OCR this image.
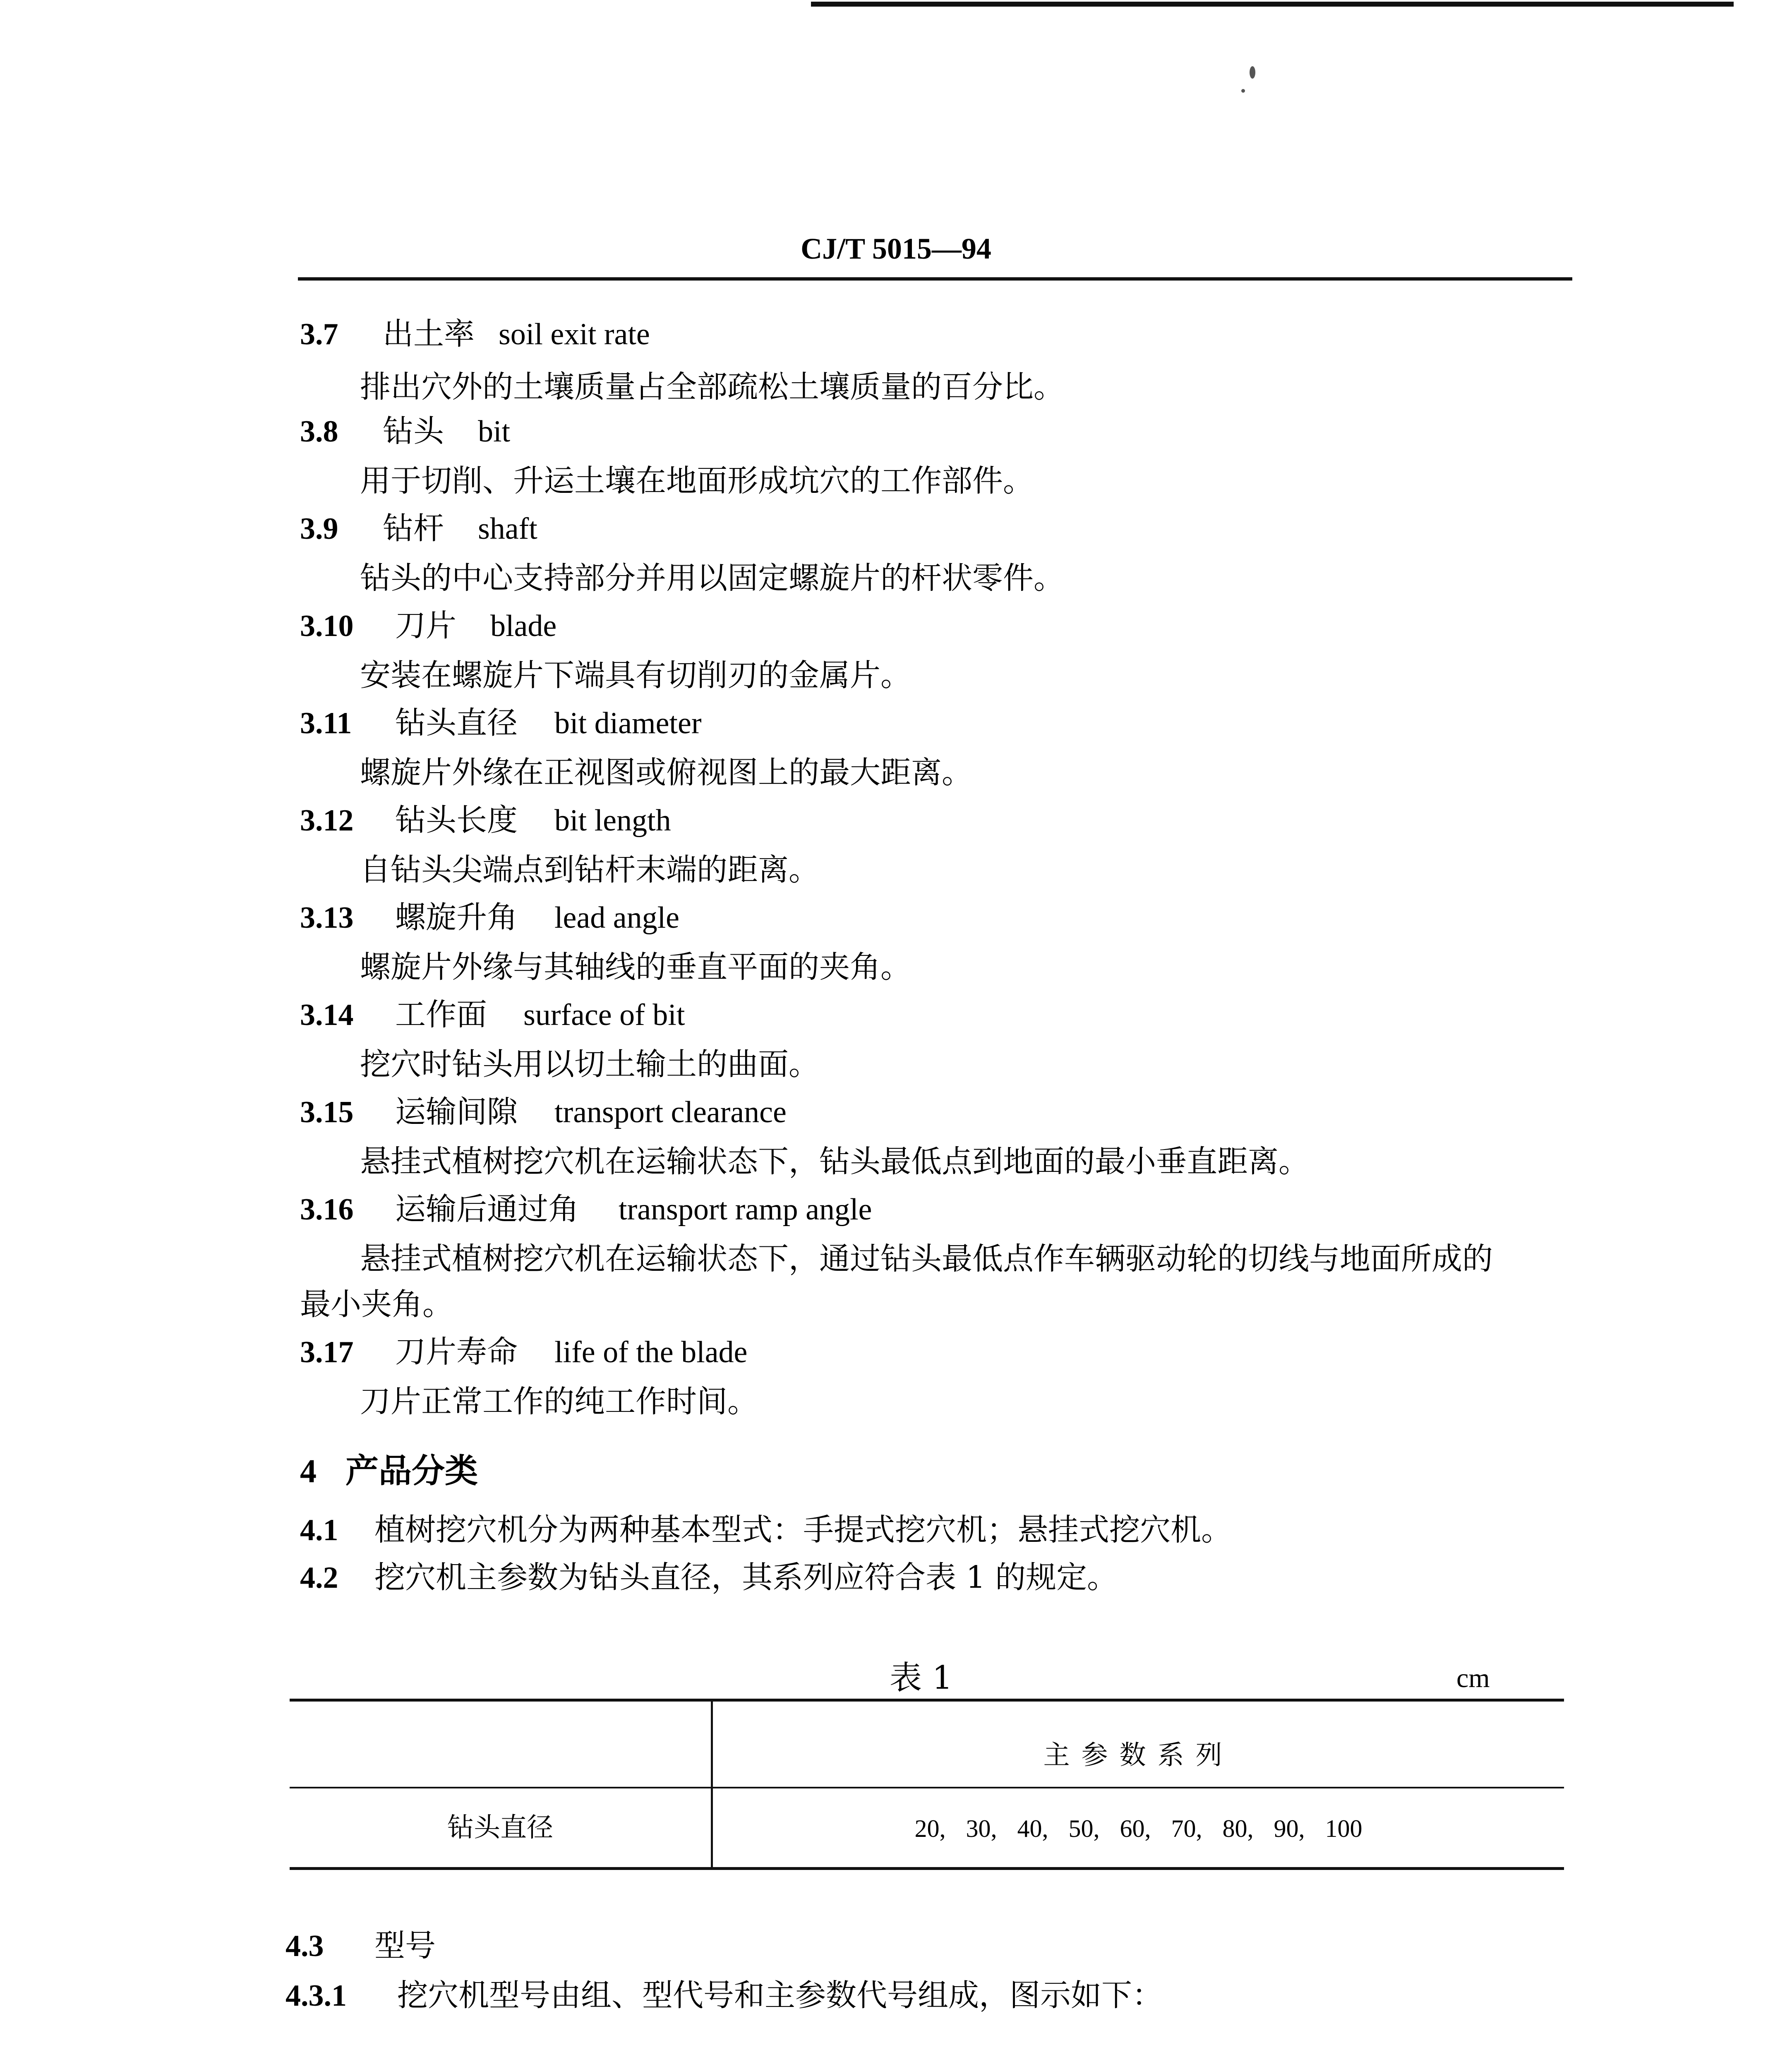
CJ/T 5015—94
3.7 出土率 soil exit rate
排出穴外的土壤质量占全部疏松土壤质量的百分比。
3.8 钻头 bit
用于切削、升运土壤在地面形成坑穴的工作部件。
3.9 钻杆 shaft
钻头的中心支持部分并用以固定螺旋片的杆状零件。
3.10 刀片 blade
安装在螺旋片下端具有切削刃的金属片。
3.11 钻头直径 bit diameter
螺旋片外缘在正视图或俯视图上的最大距离。
3.12 钻头长度 bit length
自钻头尖端点到钻杆末端的距离。
3.13 螺旋升角 lead angle
螺旋片外缘与其轴线的垂直平面的夹角。
3.14 工作面 surface of bit
挖穴时钻头用以切土输土的曲面。
3.15 运输间隙 transport clearance
悬挂式植树挖穴机在运输状态下，钻头最低点到地面的最小垂直距离。
3.16 运输后通过角 transport ramp angle
悬挂式植树挖穴机在运输状态下，通过钻头最低点作车辆驱动轮的切线与地面所成的
最小夹角。
3.17 刀片寿命 life of the blade
刀片正常工作的纯工作时间。
4 产品分类
4.1 植树挖穴机分为两种基本型式：手提式挖穴机；悬挂式挖穴机。
4.2 挖穴机主参数为钻头直径，其系列应符合表 1 的规定。
表 1	cm
主参数系列
钻头直径	20, 30, 40, 50, 60, 70, 80, 90, 100
4.3 型号
4.3.1 挖穴机型号由组、型代号和主参数代号组成，图示如下：
